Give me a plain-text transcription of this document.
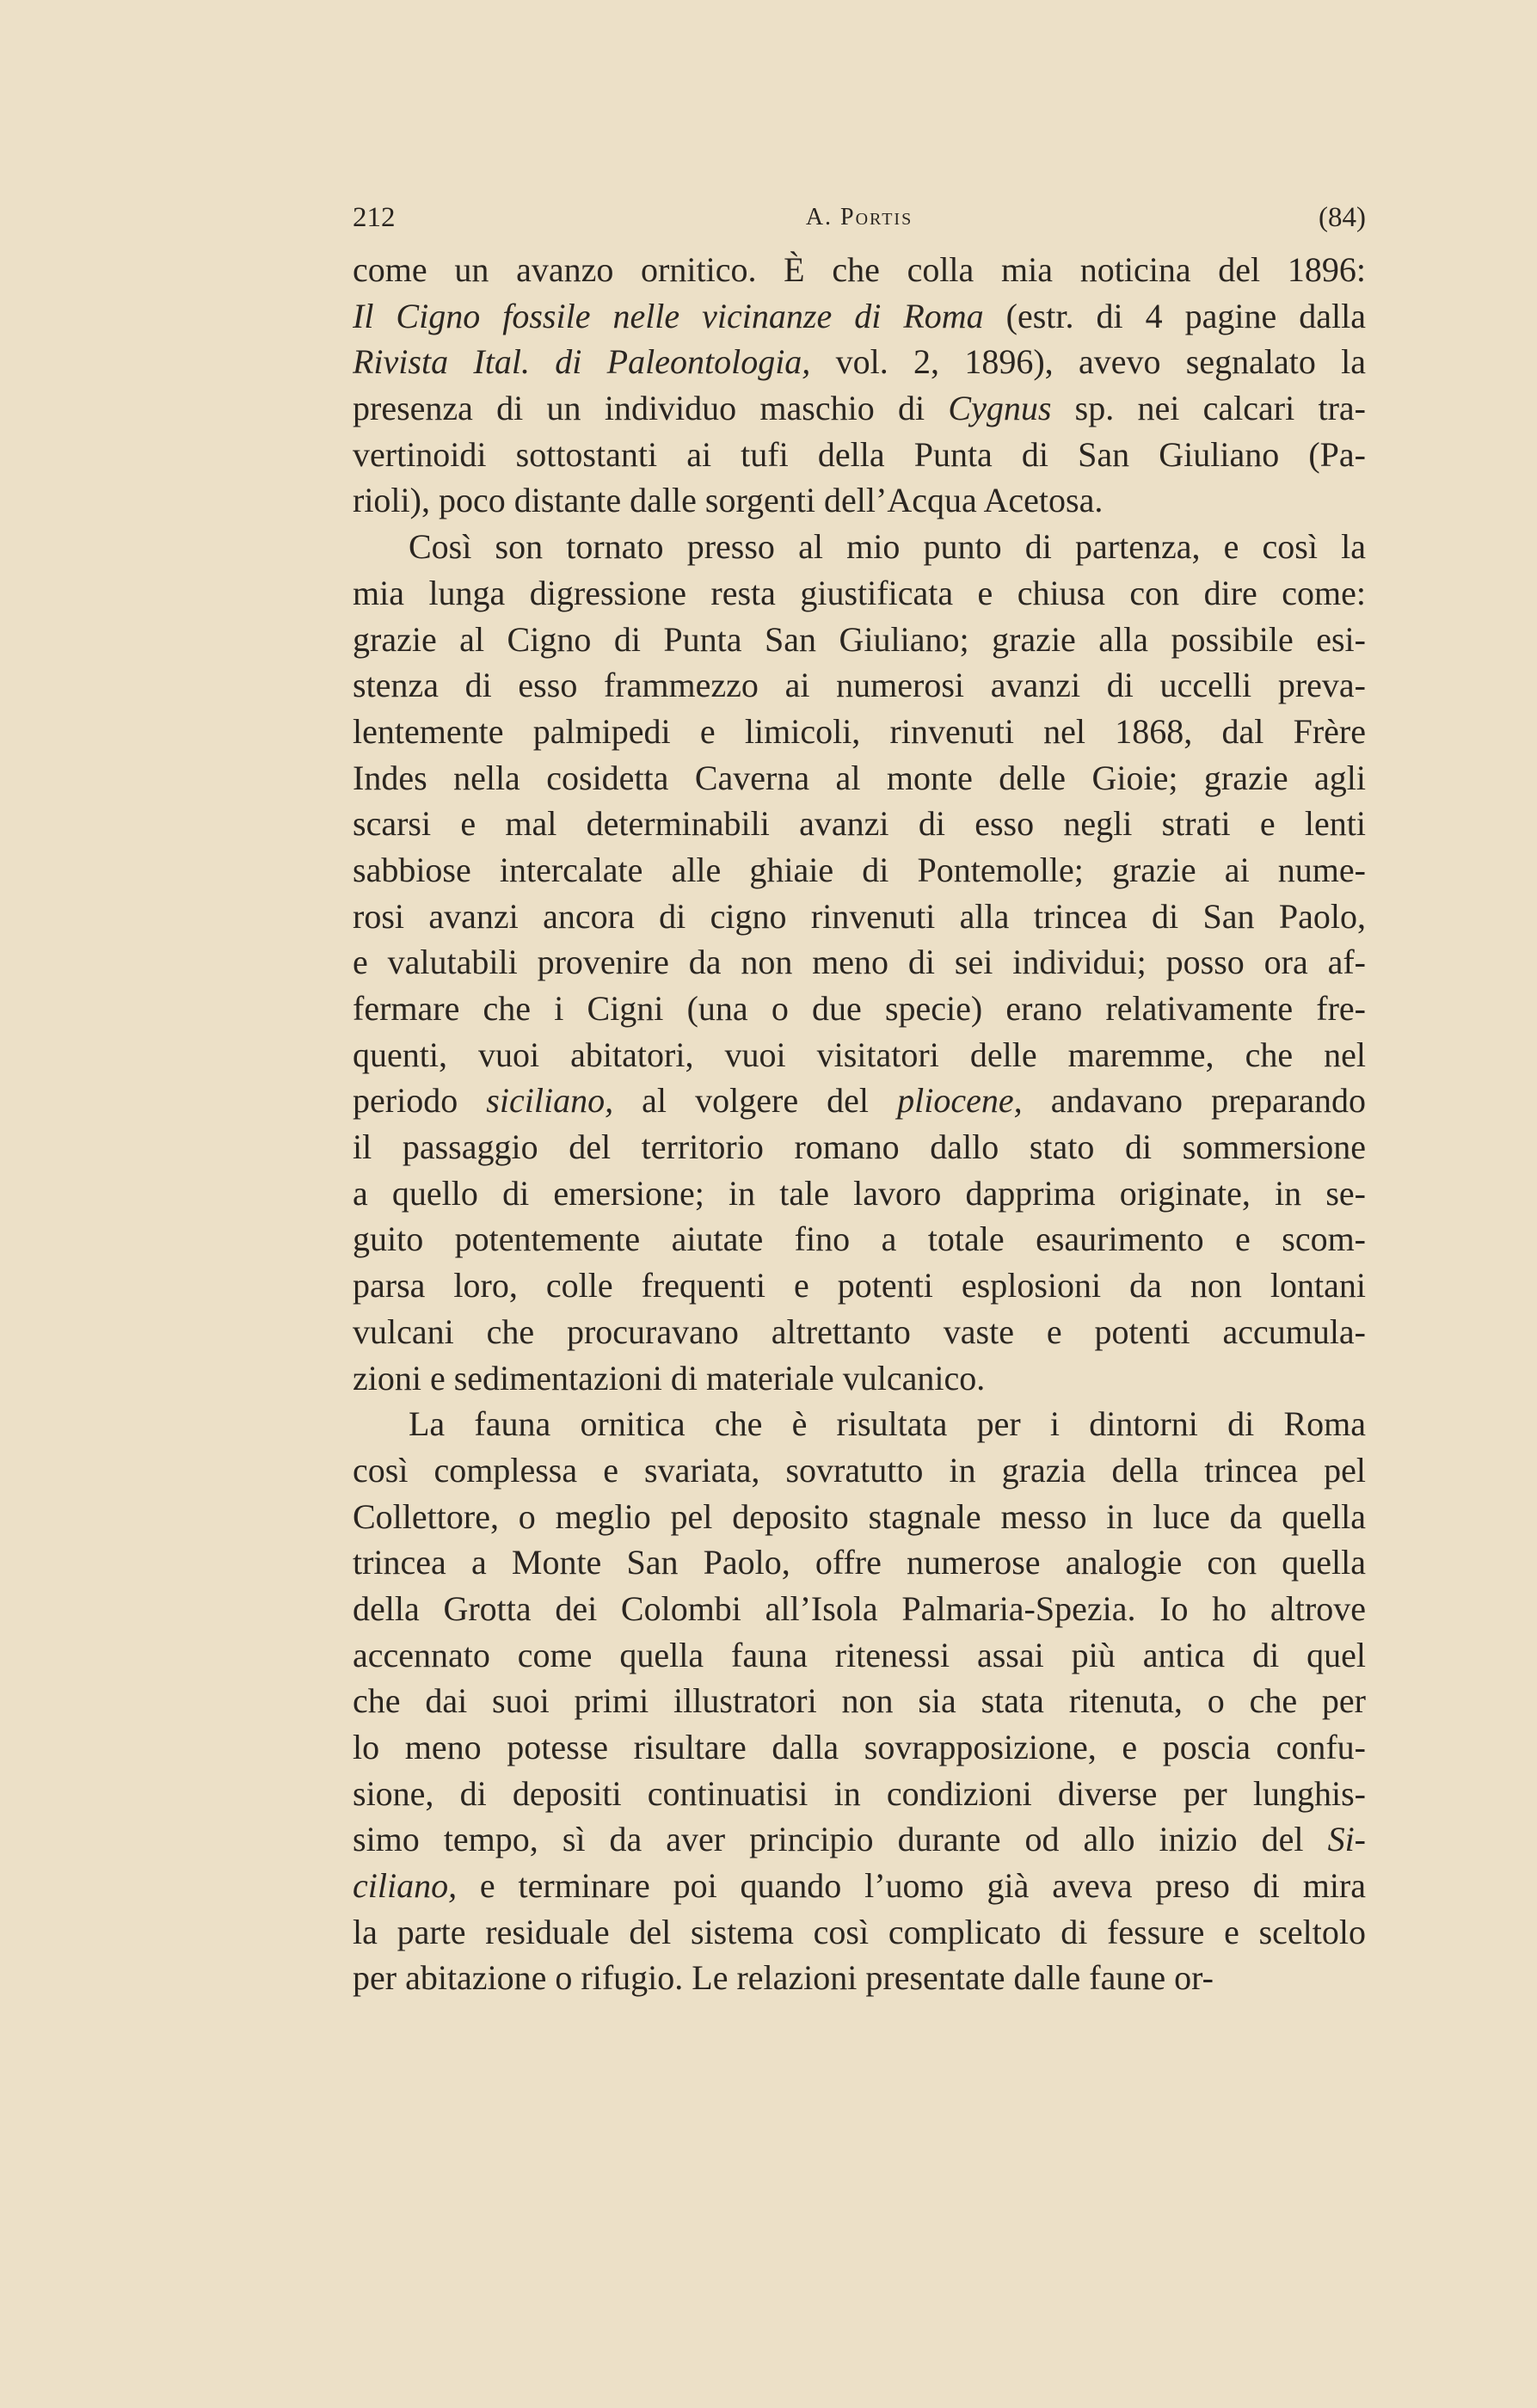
212	A. Portis	(84)
come un avanzo ornitico. È che colla mia noticina del 1896:
Il Cigno fossile nelle vicinanze di Roma (estr. di 4 pagine dalla
Rivista Ital. di Paleontologia, vol. 2, 1896), avevo segnalato la
presenza di un individuo maschio di Cygnus sp. nei calcari tra-
vertinoidi sottostanti ai tufi della Punta di San Giuliano (Pa-
rioli), poco distante dalle sorgenti dell’Acqua Acetosa.
Così son tornato presso al mio punto di partenza, e così la
mia lunga digressione resta giustificata e chiusa con dire come:
grazie al Cigno di Punta San Giuliano; grazie alla possibile esi-
stenza di esso frammezzo ai numerosi avanzi di uccelli preva-
lentemente palmipedi e limicoli, rinvenuti nel 1868, dal Frère
Indes nella cosidetta Caverna al monte delle Gioie; grazie agli
scarsi e mal determinabili avanzi di esso negli strati e lenti
sabbiose intercalate alle ghiaie di Pontemolle; grazie ai nume-
rosi avanzi ancora di cigno rinvenuti alla trincea di San Paolo,
e valutabili provenire da non meno di sei individui; posso ora af-
fermare che i Cigni (una o due specie) erano relativamente fre-
quenti, vuoi abitatori, vuoi visitatori delle maremme, che nel
periodo siciliano, al volgere del pliocene, andavano preparando
il passaggio del territorio romano dallo stato di sommersione
a quello di emersione; in tale lavoro dapprima originate, in se-
guito potentemente aiutate fino a totale esaurimento e scom-
parsa loro, colle frequenti e potenti esplosioni da non lontani
vulcani che procuravano altrettanto vaste e potenti accumula-
zioni e sedimentazioni di materiale vulcanico.
La fauna ornitica che è risultata per i dintorni di Roma
così complessa e svariata, sovratutto in grazia della trincea pel
Collettore, o meglio pel deposito stagnale messo in luce da quella
trincea a Monte San Paolo, offre numerose analogie con quella
della Grotta dei Colombi all’Isola Palmaria-Spezia. Io ho altrove
accennato come quella fauna ritenessi assai più antica di quel
che dai suoi primi illustratori non sia stata ritenuta, o che per
lo meno potesse risultare dalla sovrapposizione, e poscia confu-
sione, di depositi continuatisi in condizioni diverse per lunghis-
simo tempo, sì da aver principio durante od allo inizio del Si-
ciliano, e terminare poi quando l’uomo già aveva preso di mira
la parte residuale del sistema così complicato di fessure e sceltolo
per abitazione o rifugio. Le relazioni presentate dalle faune or-
